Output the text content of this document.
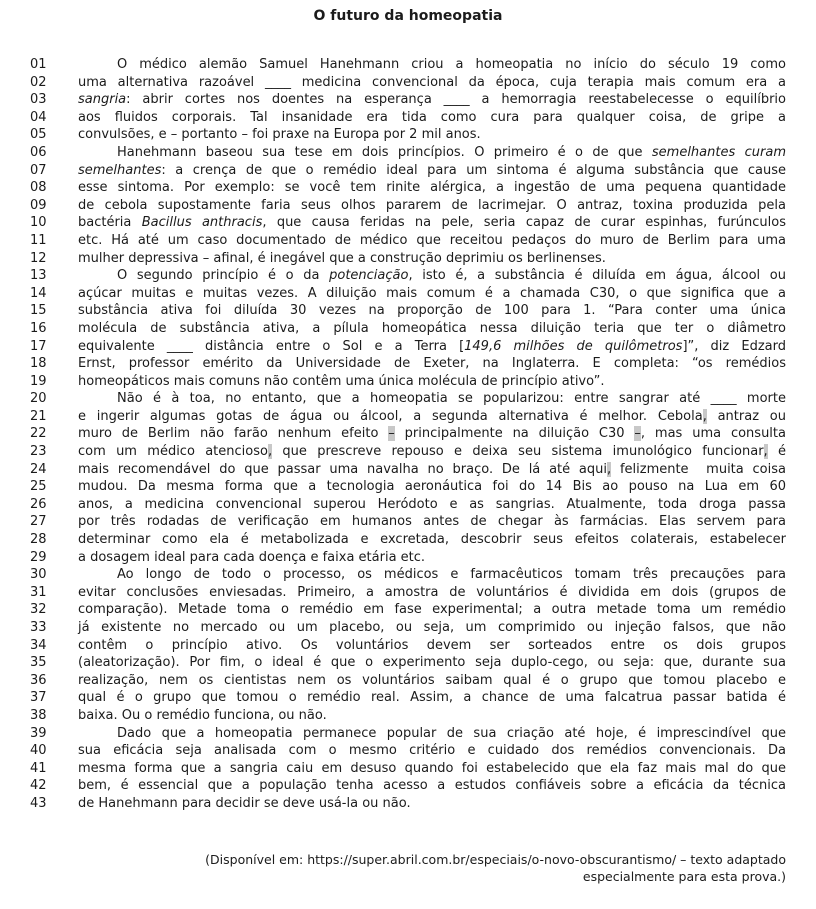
O futuro da homeopatia
01	O médico alemão Samuel Hanehmann criou a homeopatia no início do século 19 como
02	uma alternativa razoável ____ medicina convencional da época, cuja terapia mais comum era a
03	sangria: abrir cortes nos doentes na esperança ____ a hemorragia reestabelecesse o equilíbrio
04	aos fluidos corporais. Tal insanidade era tida como cura para qualquer coisa, de gripe a
05	convulsões, e – portanto – foi praxe na Europa por 2 mil anos.
06	Hanehmann baseou sua tese em dois princípios. O primeiro é o de que semelhantes curam
07	semelhantes: a crença de que o remédio ideal para um sintoma é alguma substância que cause
08	esse sintoma. Por exemplo: se você tem rinite alérgica, a ingestão de uma pequena quantidade
09	de cebola supostamente faria seus olhos pararem de lacrimejar. O antraz, toxina produzida pela
10	bactéria Bacillus anthracis, que causa feridas na pele, seria capaz de curar espinhas, furúnculos
11	etc. Há até um caso documentado de médico que receitou pedaços do muro de Berlim para uma
12	mulher depressiva – afinal, é inegável que a construção deprimiu os berlinenses.
13	O segundo princípio é o da potenciação, isto é, a substância é diluída em água, álcool ou
14	açúcar muitas e muitas vezes. A diluição mais comum é a chamada C30, o que significa que a
15	substância ativa foi diluída 30 vezes na proporção de 100 para 1. “Para conter uma única
16	molécula de substância ativa, a pílula homeopática nessa diluição teria que ter o diâmetro
17	equivalente ____ distância entre o Sol e a Terra [149,6 milhões de quilômetros]”, diz Edzard
18	Ernst, professor emérito da Universidade de Exeter, na Inglaterra. E completa: “os remédios
19	homeopáticos mais comuns não contêm uma única molécula de princípio ativo”.
20	Não é à toa, no entanto, que a homeopatia se popularizou: entre sangrar até ____ morte
21	e ingerir algumas gotas de água ou álcool, a segunda alternativa é melhor. Cebola, antraz ou
22	muro de Berlim não farão nenhum efeito – principalmente na diluição C30 –, mas uma consulta
23	com um médico atencioso, que prescreve repouso e deixa seu sistema imunológico funcionar, é
24	mais recomendável do que passar uma navalha no braço. De lá até aqui, felizmente  muita coisa
25	mudou. Da mesma forma que a tecnologia aeronáutica foi do 14 Bis ao pouso na Lua em 60
26	anos, a medicina convencional superou Heródoto e as sangrias. Atualmente, toda droga passa
27	por três rodadas de verificação em humanos antes de chegar às farmácias. Elas servem para
28	determinar como ela é metabolizada e excretada, descobrir seus efeitos colaterais, estabelecer
29	a dosagem ideal para cada doença e faixa etária etc.
30	Ao longo de todo o processo, os médicos e farmacêuticos tomam três precauções para
31	evitar conclusões enviesadas. Primeiro, a amostra de voluntários é dividida em dois (grupos de
32	comparação). Metade toma o remédio em fase experimental; a outra metade toma um remédio
33	já existente no mercado ou um placebo, ou seja, um comprimido ou injeção falsos, que não
34	contêm o princípio ativo. Os voluntários devem ser sorteados entre os dois grupos
35	(aleatorização). Por fim, o ideal é que o experimento seja duplo-cego, ou seja: que, durante sua
36	realização, nem os cientistas nem os voluntários saibam qual é o grupo que tomou placebo e
37	qual é o grupo que tomou o remédio real. Assim, a chance de uma falcatrua passar batida é
38	baixa. Ou o remédio funciona, ou não.
39	Dado que a homeopatia permanece popular de sua criação até hoje, é imprescindível que
40	sua eficácia seja analisada com o mesmo critério e cuidado dos remédios convencionais. Da
41	mesma forma que a sangria caiu em desuso quando foi estabelecido que ela faz mais mal do que
42	bem, é essencial que a população tenha acesso a estudos confiáveis sobre a eficácia da técnica
43	de Hanehmann para decidir se deve usá-la ou não.
(Disponível em: https://super.abril.com.br/especiais/o-novo-obscurantismo/ – texto adaptado
especialmente para esta prova.)
